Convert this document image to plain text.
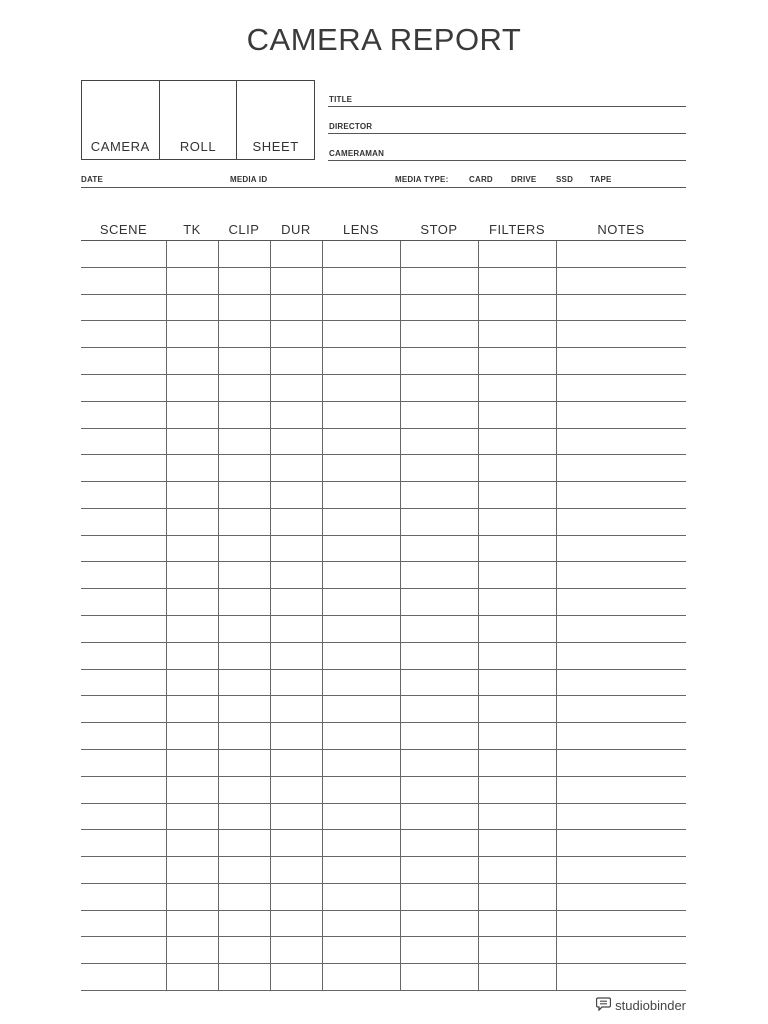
CAMERA REPORT
CAMERA	ROLL	SHEET
TITLE
DIRECTOR
CAMERAMAN
DATE	MEDIA ID	MEDIA TYPE:	CARD DRIVE SSD TAPE
SCENE	TK	CLIP	DUR	LENS	STOP	FILTERS	NOTES
studiobinder
